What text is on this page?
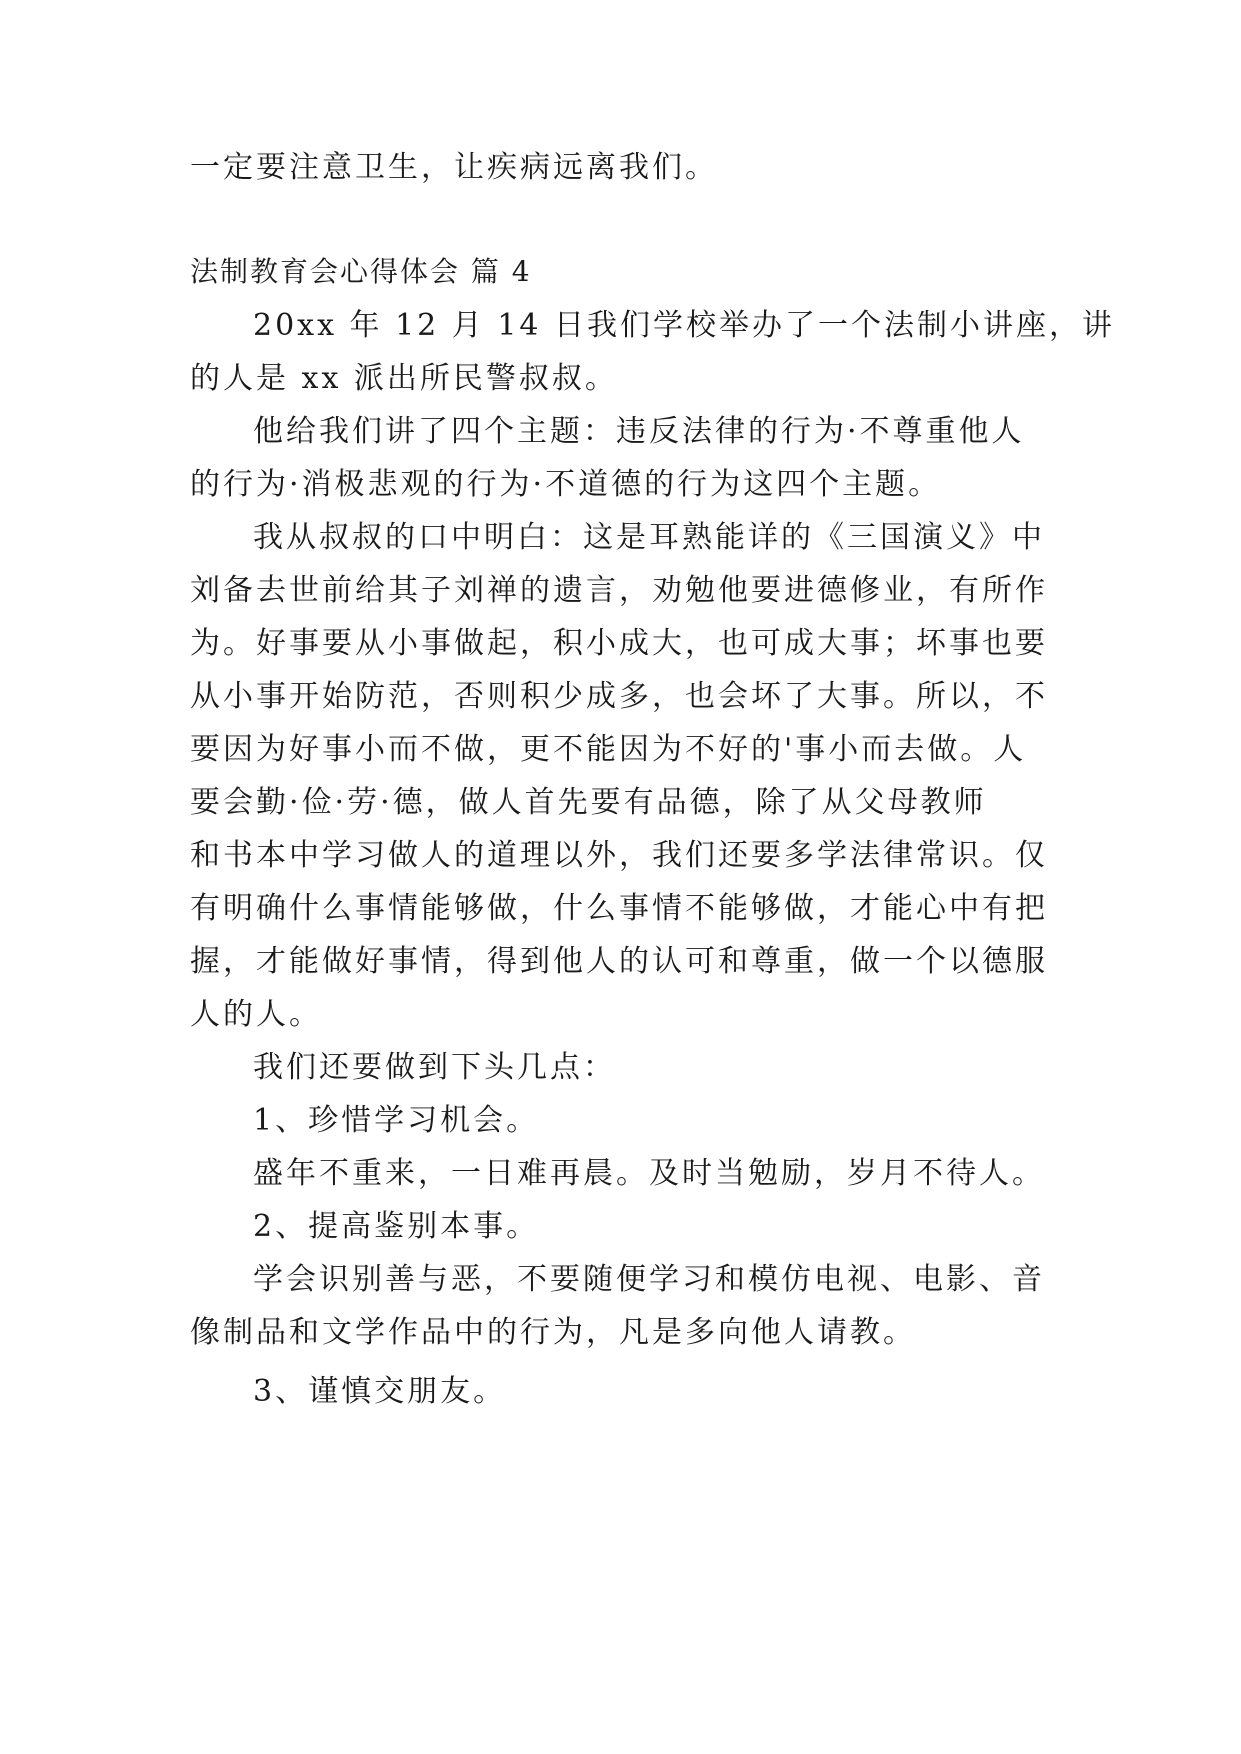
一定要注意卫生，让疾病远离我们。
法制教育会心得体会 篇 4
20xx 年 12 月 14 日我们学校举办了一个法制小讲座，讲
的人是 xx 派出所民警叔叔。
他给我们讲了四个主题：违反法律的行为·不尊重他人
的行为·消极悲观的行为·不道德的行为这四个主题。
我从叔叔的口中明白：这是耳熟能详的《三国演义》中
刘备去世前给其子刘禅的遗言，劝勉他要进德修业，有所作
为。好事要从小事做起，积小成大，也可成大事；坏事也要
从小事开始防范，否则积少成多，也会坏了大事。所以，不
要因为好事小而不做，更不能因为不好的'事小而去做。人
要会勤·俭·劳·德，做人首先要有品德，除了从父母教师
和书本中学习做人的道理以外，我们还要多学法律常识。仅
有明确什么事情能够做，什么事情不能够做，才能心中有把
握，才能做好事情，得到他人的认可和尊重，做一个以德服
人的人。
我们还要做到下头几点：
1、珍惜学习机会。
盛年不重来，一日难再晨。及时当勉励，岁月不待人。
2、提高鉴别本事。
学会识别善与恶，不要随便学习和模仿电视、电影、音
像制品和文学作品中的行为，凡是多向他人请教。
3、谨慎交朋友。
